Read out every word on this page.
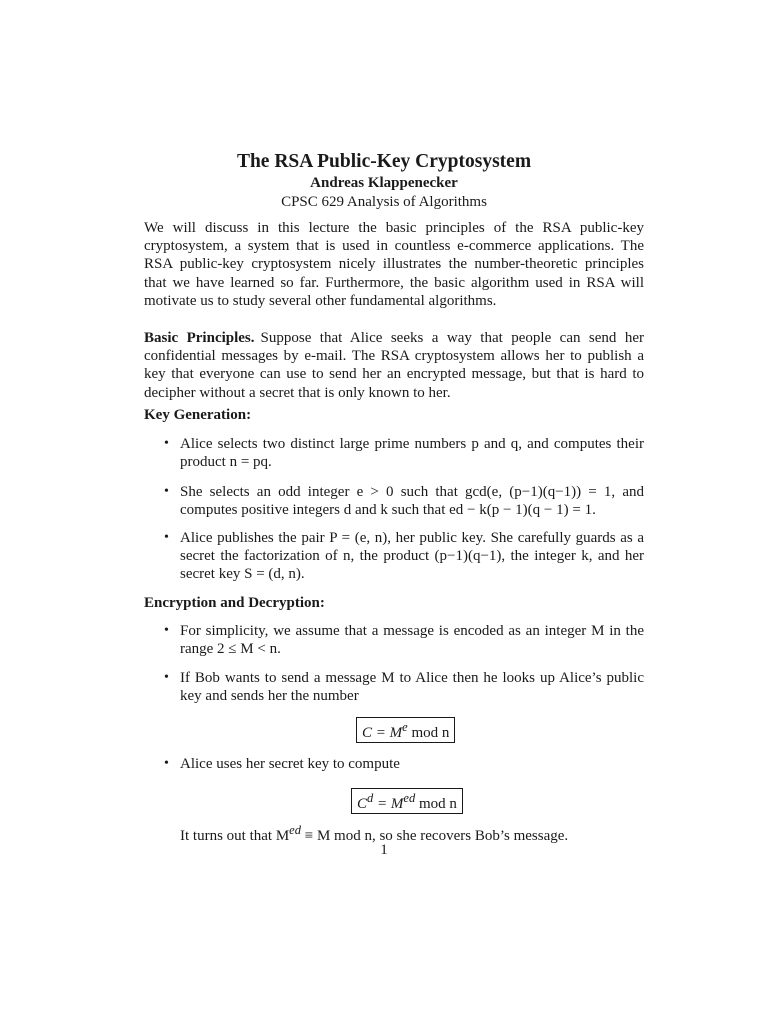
The RSA Public-Key Cryptosystem

Andreas Klappenecker

CPSC 629 Analysis of Algorithms

We will discuss in this lecture the basic principles of the RSA public-key cryptosystem, a system that is used in countless e-commerce applications. The RSA public-key cryptosystem nicely illustrates the number-theoretic principles that we have learned so far. Furthermore, the basic algorithm used in RSA will motivate us to study several other fundamental algorithms.
Basic Principles. Suppose that Alice seeks a way that people can send her confidential messages by e-mail. The RSA cryptosystem allows her to publish a key that everyone can use to send her an encrypted message, but that is hard to decipher without a secret that is only known to her.

Key Generation:

• Alice selects two distinct large prime numbers p and q, and computes their product n = pq.
• She selects an odd integer e > 0 such that gcd(e, (p−1)(q−1)) = 1, and computes positive integers d and k such that ed − k(p − 1)(q − 1) = 1.
• Alice publishes the pair P = (e, n), her public key. She carefully guards as a secret the factorization of n, the product (p−1)(q−1), the integer k, and her secret key S = (d, n).

Encryption and Decryption:

• For simplicity, we assume that a message is encoded as an integer M in the range 2 ≤ M < n.
• If Bob wants to send a message M to Alice then he looks up Alice’s public key and sends her the number
$C = M^e$ mod n
• Alice uses her secret key to compute
$C^d = M^{ed}$ mod n
It turns out that $M^{ed} \equiv M$ mod n, so she recovers Bob’s message.
1
